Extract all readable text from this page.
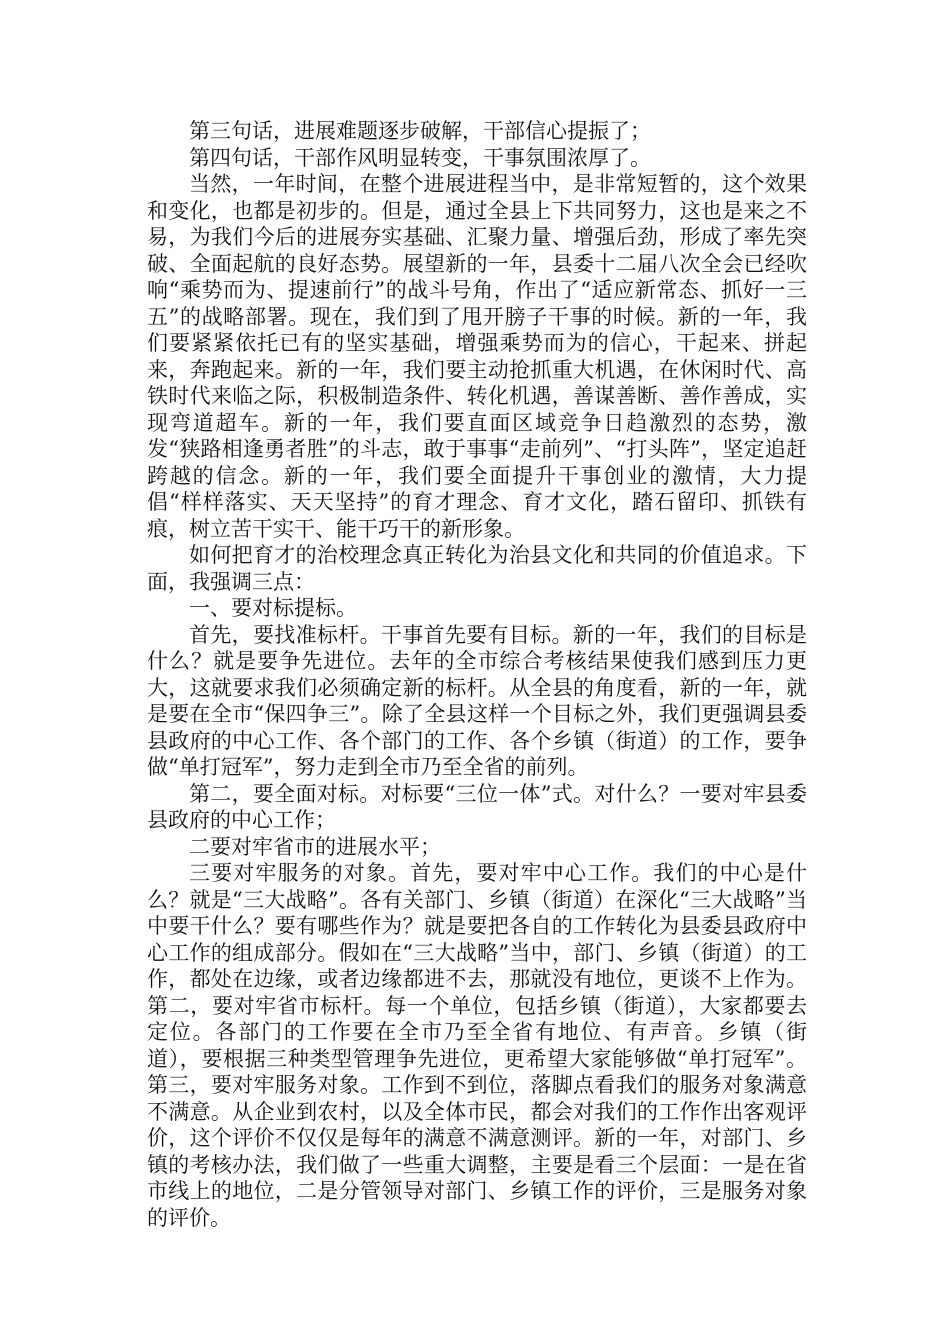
第三句话，进展难题逐步破解，干部信心提振了；

第四句话，干部作风明显转变，干事氛围浓厚了。

当然，一年时间，在整个进展进程当中，是非常短暂的，这个效果和变化，也都是初步的。但是，通过全县上下共同努力，这也是来之不易，为我们今后的进展夯实基础、汇聚力量、增强后劲，形成了率先突破、全面起航的良好态势。展望新的一年，县委十二届八次全会已经吹响“乘势而为、提速前行”的战斗号角，作出了“适应新常态、抓好一三五”的战略部署。现在，我们到了甩开膀子干事的时候。新的一年，我们要紧紧依托已有的坚实基础，增强乘势而为的信心，干起来、拼起来，奔跑起来。新的一年，我们要主动抢抓重大机遇，在休闲时代、高铁时代来临之际，积极制造条件、转化机遇，善谋善断、善作善成，实现弯道超车。新的一年，我们要直面区域竞争日趋激烈的态势，激发“狭路相逢勇者胜”的斗志，敢于事事“走前列”、“打头阵”，坚定追赶跨越的信念。新的一年，我们要全面提升干事创业的激情，大力提倡“样样落实、天天坚持”的育才理念、育才文化，踏石留印、抓铁有痕，树立苦干实干、能干巧干的新形象。

如何把育才的治校理念真正转化为治县文化和共同的价值追求。下面，我强调三点：

一、要对标提标。

首先，要找准标杆。干事首先要有目标。新的一年，我们的目标是什么？就是要争先进位。去年的全市综合考核结果使我们感到压力更大，这就要求我们必须确定新的标杆。从全县的角度看，新的一年，就是要在全市“保四争三”。除了全县这样一个目标之外，我们更强调县委县政府的中心工作、各个部门的工作、各个乡镇（街道）的工作，要争做“单打冠军”，努力走到全市乃至全省的前列。

第二，要全面对标。对标要“三位一体”式。对什么？一要对牢县委县政府的中心工作；

二要对牢省市的进展水平；

三要对牢服务的对象。首先，要对牢中心工作。我们的中心是什么？就是“三大战略”。各有关部门、乡镇（街道）在深化“三大战略”当中要干什么？要有哪些作为？就是要把各自的工作转化为县委县政府中心工作的组成部分。假如在“三大战略”当中，部门、乡镇（街道）的工作，都处在边缘，或者边缘都进不去，那就没有地位，更谈不上作为。第二，要对牢省市标杆。每一个单位，包括乡镇（街道），大家都要去定位。各部门的工作要在全市乃至全省有地位、有声音。乡镇（街道），要根据三种类型管理争先进位，更希望大家能够做“单打冠军”。第三，要对牢服务对象。工作到不到位，落脚点看我们的服务对象满意不满意。从企业到农村，以及全体市民，都会对我们的工作作出客观评价，这个评价不仅仅是每年的满意不满意测评。新的一年，对部门、乡镇的考核办法，我们做了一些重大调整，主要是看三个层面：一是在省市线上的地位，二是分管领导对部门、乡镇工作的评价，三是服务对象的评价。
